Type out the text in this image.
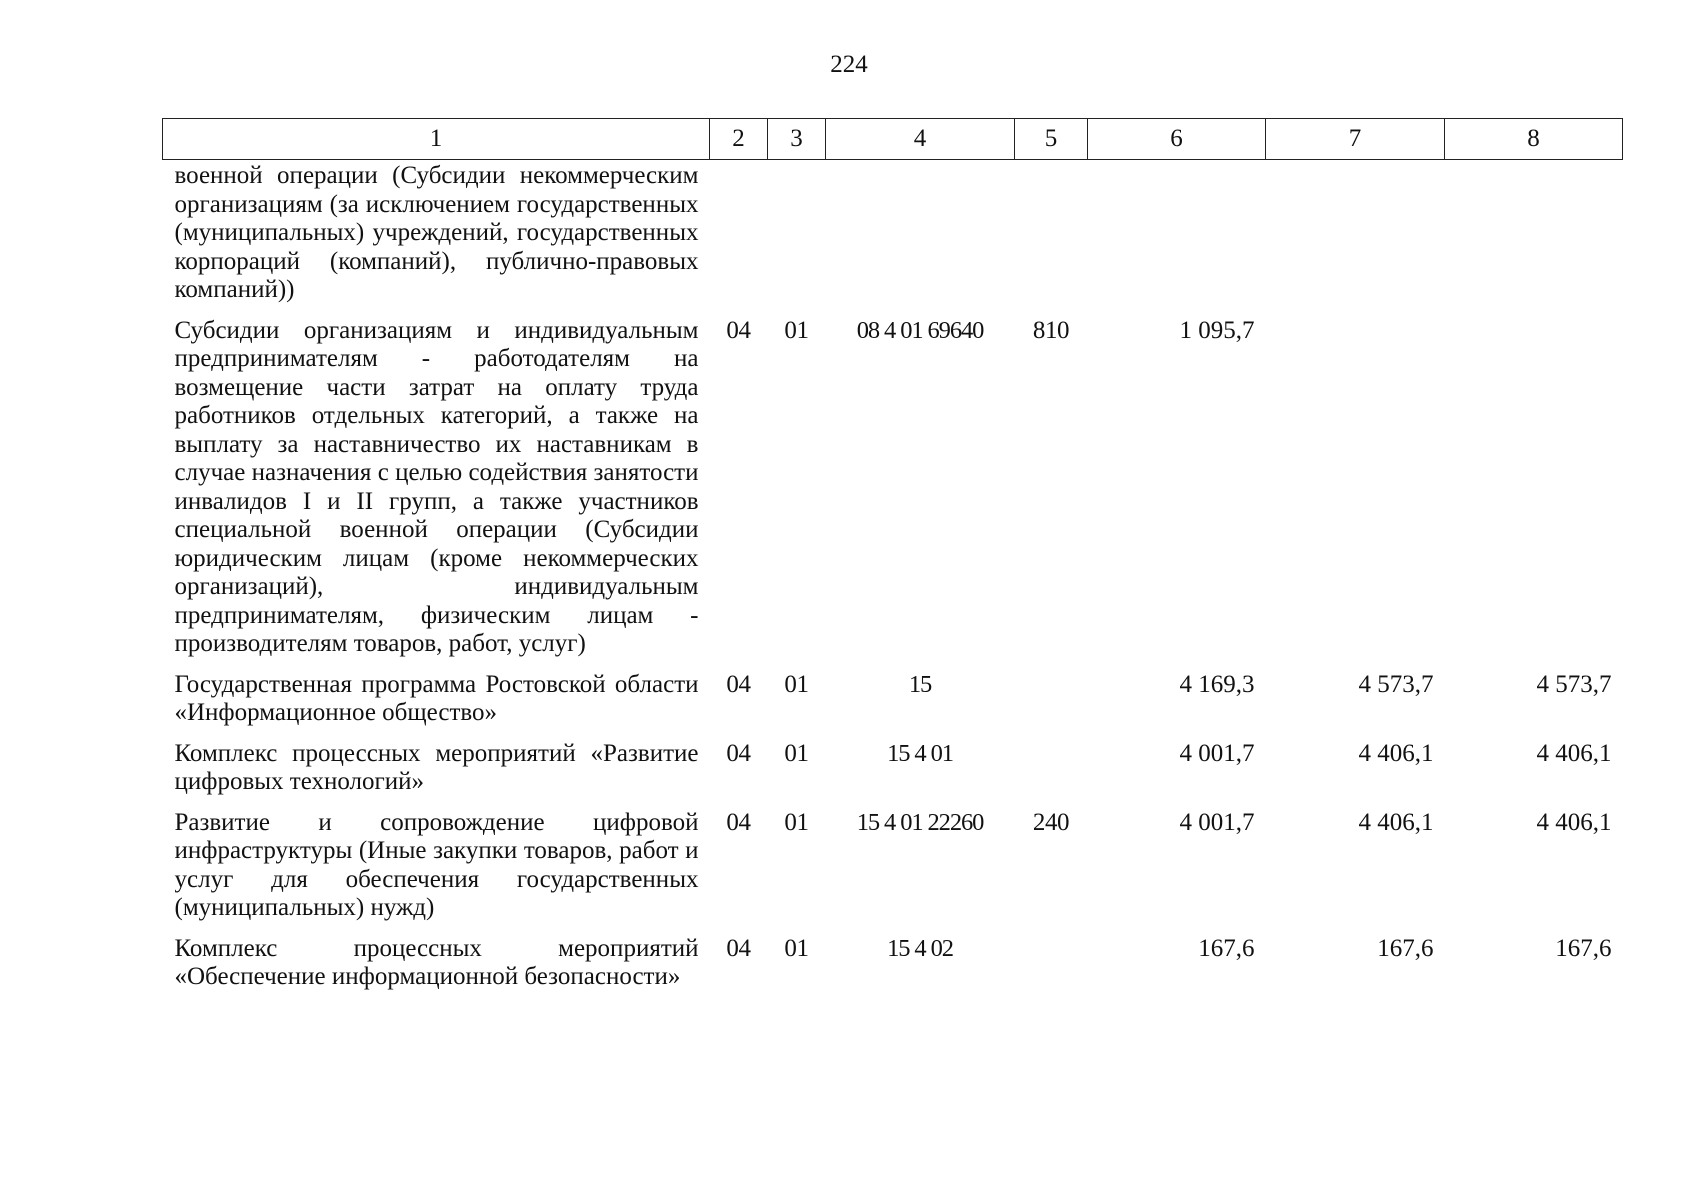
224
1	2	3	4	5	6	7	8
военной операции (Субсидии некоммерческим организациям (за исключением государственных (муниципальных) учреждений, государственных корпораций (компаний), публично-правовых компаний))							
Субсидии организациям и индивидуальным предпринимателям - работодателям на возмещение части затрат на оплату труда работников отдельных категорий, а также на выплату за наставничество их наставникам в случае назначения с целью содействия занятости инвалидов I и II групп, а также участников специальной военной операции (Субсидии юридическим лицам (кроме некоммерческих организаций), индивидуальным предпринимателям, физическим лицам - производителям товаров, работ, услуг)	04	01	08 4 01 69640	810	1 095,7		
Государственная программа Ростовской области «Информационное общество»	04	01	15		4 169,3	4 573,7	4 573,7
Комплекс процессных мероприятий «Развитие цифровых технологий»	04	01	15 4 01		4 001,7	4 406,1	4 406,1
Развитие и сопровождение цифровой инфраструктуры (Иные закупки товаров, работ и услуг для обеспечения государственных (муниципальных) нужд)	04	01	15 4 01 22260	240	4 001,7	4 406,1	4 406,1
Комплекс процессных мероприятий «Обеспечение информационной безопасности»	04	01	15 4 02		167,6	167,6	167,6
